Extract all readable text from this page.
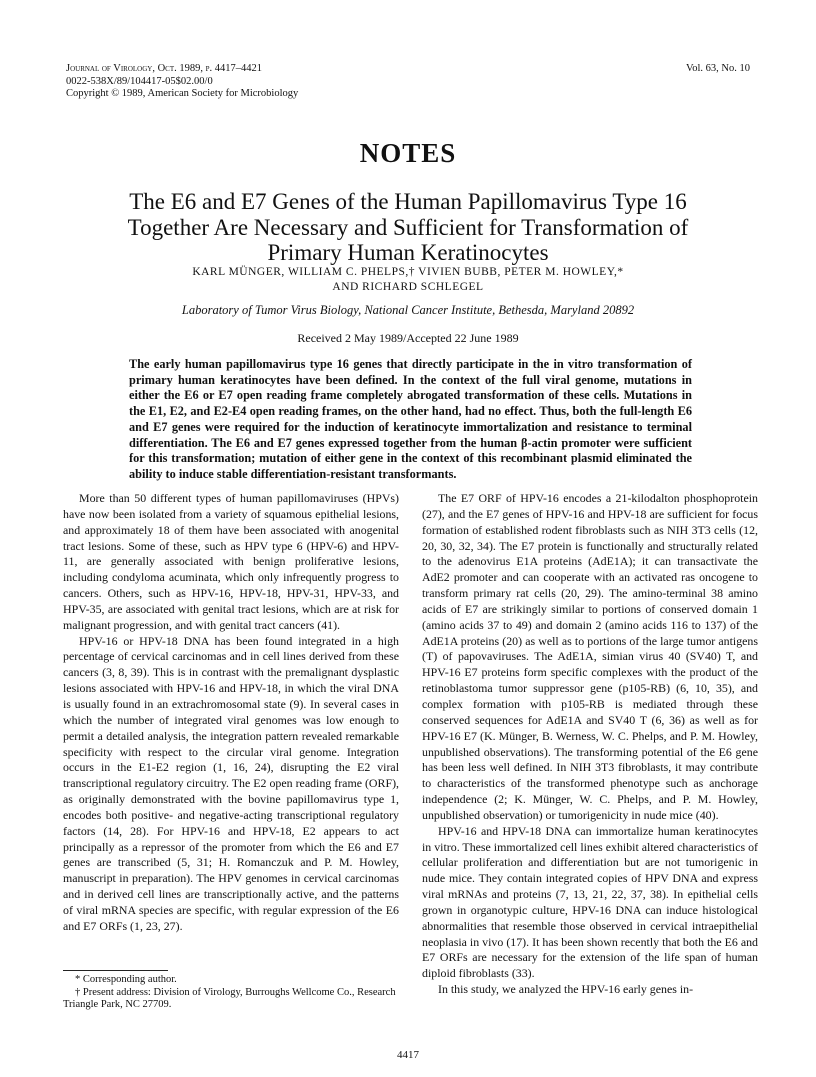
Journal of Virology, Oct. 1989, p. 4417–4421
0022-538X/89/104417-05$02.00/0
Copyright © 1989, American Society for Microbiology
Vol. 63, No. 10
NOTES
The E6 and E7 Genes of the Human Papillomavirus Type 16 Together Are Necessary and Sufficient for Transformation of Primary Human Keratinocytes
KARL MÜNGER, WILLIAM C. PHELPS,† VIVIEN BUBB, PETER M. HOWLEY,*
AND RICHARD SCHLEGEL
Laboratory of Tumor Virus Biology, National Cancer Institute, Bethesda, Maryland 20892
Received 2 May 1989/Accepted 22 June 1989
The early human papillomavirus type 16 genes that directly participate in the in vitro transformation of primary human keratinocytes have been defined. In the context of the full viral genome, mutations in either the E6 or E7 open reading frame completely abrogated transformation of these cells. Mutations in the E1, E2, and E2-E4 open reading frames, on the other hand, had no effect. Thus, both the full-length E6 and E7 genes were required for the induction of keratinocyte immortalization and resistance to terminal differentiation. The E6 and E7 genes expressed together from the human β-actin promoter were sufficient for this transformation; mutation of either gene in the context of this recombinant plasmid eliminated the ability to induce stable differentiation-resistant transformants.

More than 50 different types of human papillomaviruses (HPVs) have now been isolated from a variety of squamous epithelial lesions, and approximately 18 of them have been associated with anogenital tract lesions. Some of these, such as HPV type 6 (HPV-6) and HPV-11, are generally associated with benign proliferative lesions, including condyloma acuminata, which only infrequently progress to cancers. Others, such as HPV-16, HPV-18, HPV-31, HPV-33, and HPV-35, are associated with genital tract lesions, which are at risk for malignant progression, and with genital tract cancers (41).

HPV-16 or HPV-18 DNA has been found integrated in a high percentage of cervical carcinomas and in cell lines derived from these cancers (3, 8, 39). This is in contrast with the premalignant dysplastic lesions associated with HPV-16 and HPV-18, in which the viral DNA is usually found in an extrachromosomal state (9). In several cases in which the number of integrated viral genomes was low enough to permit a detailed analysis, the integration pattern revealed remarkable specificity with respect to the circular viral genome. Integration occurs in the E1-E2 region (1, 16, 24), disrupting the E2 viral transcriptional regulatory circuitry. The E2 open reading frame (ORF), as originally demonstrated with the bovine papillomavirus type 1, encodes both positive- and negative-acting transcriptional regulatory factors (14, 28). For HPV-16 and HPV-18, E2 appears to act principally as a repressor of the promoter from which the E6 and E7 genes are transcribed (5, 31; H. Romanczuk and P. M. Howley, manuscript in preparation). The HPV genomes in cervical carcinomas and in derived cell lines are transcriptionally active, and the patterns of viral mRNA species are specific, with regular expression of the E6 and E7 ORFs (1, 23, 27).

The E7 ORF of HPV-16 encodes a 21-kilodalton phosphoprotein (27), and the E7 genes of HPV-16 and HPV-18 are sufficient for focus formation of established rodent fibroblasts such as NIH 3T3 cells (12, 20, 30, 32, 34). The E7 protein is functionally and structurally related to the adenovirus E1A proteins (AdE1A); it can transactivate the AdE2 promoter and can cooperate with an activated ras oncogene to transform primary rat cells (20, 29). The amino-terminal 38 amino acids of E7 are strikingly similar to portions of conserved domain 1 (amino acids 37 to 49) and domain 2 (amino acids 116 to 137) of the AdE1A proteins (20) as well as to portions of the large tumor antigens (T) of papovaviruses. The AdE1A, simian virus 40 (SV40) T, and HPV-16 E7 proteins form specific complexes with the product of the retinoblastoma tumor suppressor gene (p105-RB) (6, 10, 35), and complex formation with p105-RB is mediated through these conserved sequences for AdE1A and SV40 T (6, 36) as well as for HPV-16 E7 (K. Münger, B. Werness, W. C. Phelps, and P. M. Howley, unpublished observations). The transforming potential of the E6 gene has been less well defined. In NIH 3T3 fibroblasts, it may contribute to characteristics of the transformed phenotype such as anchorage independence (2; K. Münger, W. C. Phelps, and P. M. Howley, unpublished observation) or tumorigenicity in nude mice (40).

HPV-16 and HPV-18 DNA can immortalize human keratinocytes in vitro. These immortalized cell lines exhibit altered characteristics of cellular proliferation and differentiation but are not tumorigenic in nude mice. They contain integrated copies of HPV DNA and express viral mRNAs and proteins (7, 13, 21, 22, 37, 38). In epithelial cells grown in organotypic culture, HPV-16 DNA can induce histological abnormalities that resemble those observed in cervical intraepithelial neoplasia in vivo (17). It has been shown recently that both the E6 and E7 ORFs are necessary for the extension of the life span of human diploid fibroblasts (33).

In this study, we analyzed the HPV-16 early genes in-

* Corresponding author.
† Present address: Division of Virology, Burroughs Wellcome Co., Research Triangle Park, NC 27709.
4417
